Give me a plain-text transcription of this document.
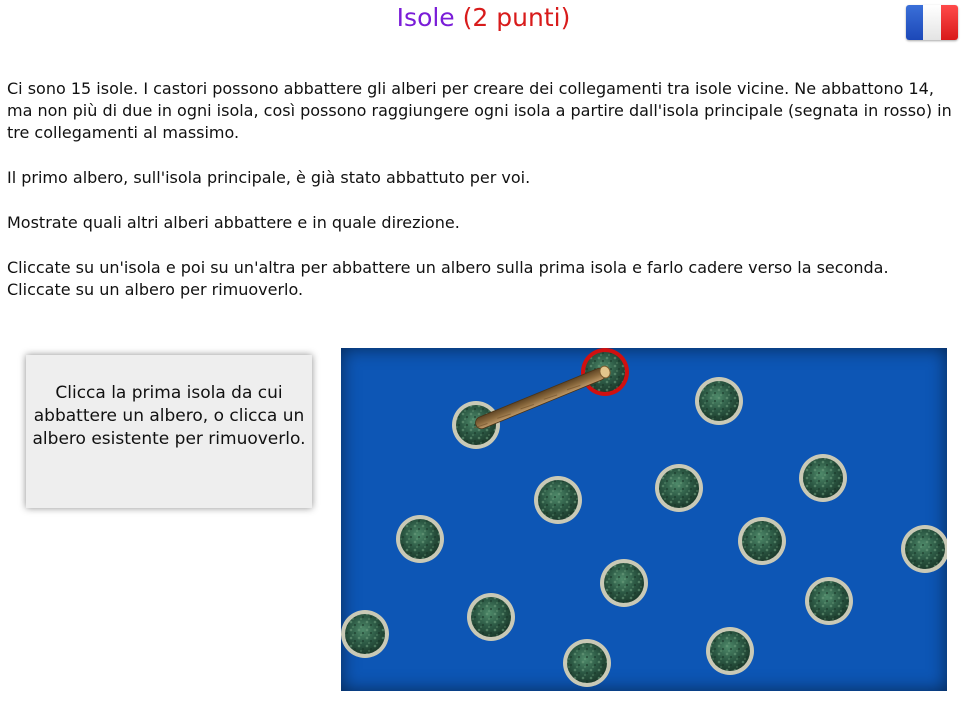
Isole (2 punti)

Ci sono 15 isole. I castori possono abbattere gli alberi per creare dei collegamenti tra isole vicine. Ne abbattono 14, ma non più di due in ogni isola, così possono raggiungere ogni isola a partire dall'isola principale (segnata in rosso) in tre collegamenti al massimo.

Il primo albero, sull'isola principale, è già stato abbattuto per voi.

Mostrate quali altri alberi abbattere e in quale direzione.

Cliccate su un'isola e poi su un'altra per abbattere un albero sulla prima isola e farlo cadere verso la seconda. Cliccate su un albero per rimuoverlo.

Clicca la prima isola da cui abbattere un albero, o clicca un albero esistente per rimuoverlo.
